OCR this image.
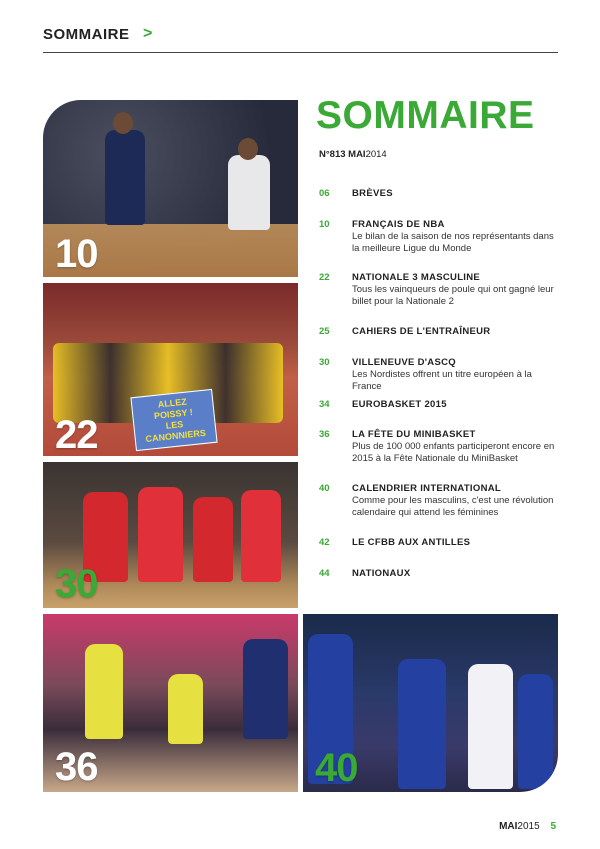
SOMMAIRE >
10
ALLEZ
POISSY !
LES CANONNIERS
22
30
36	40
SOMMAIRE
N°813 MAI2014
06 BRÈVES
10 FRANÇAIS DE NBA
Le bilan de la saison de nos représentants dans la meilleure Ligue du Monde
22 NATIONALE 3 MASCULINE
Tous les vainqueurs de poule qui ont gagné leur billet pour la Nationale 2
25 CAHIERS DE L'ENTRAÎNEUR
30 VILLENEUVE D'ASCQ
Les Nordistes offrent un titre européen à la France
34 EUROBASKET 2015
36 LA FÊTE DU MINIBASKET
Plus de 100 000 enfants participeront encore en 2015 à la Fête Nationale du MiniBasket
40 CALENDRIER INTERNATIONAL
Comme pour les masculins, c'est une révolution calendaire qui attend les féminines
42 LE CFBB AUX ANTILLES
44 NATIONAUX
MAI2015 5
